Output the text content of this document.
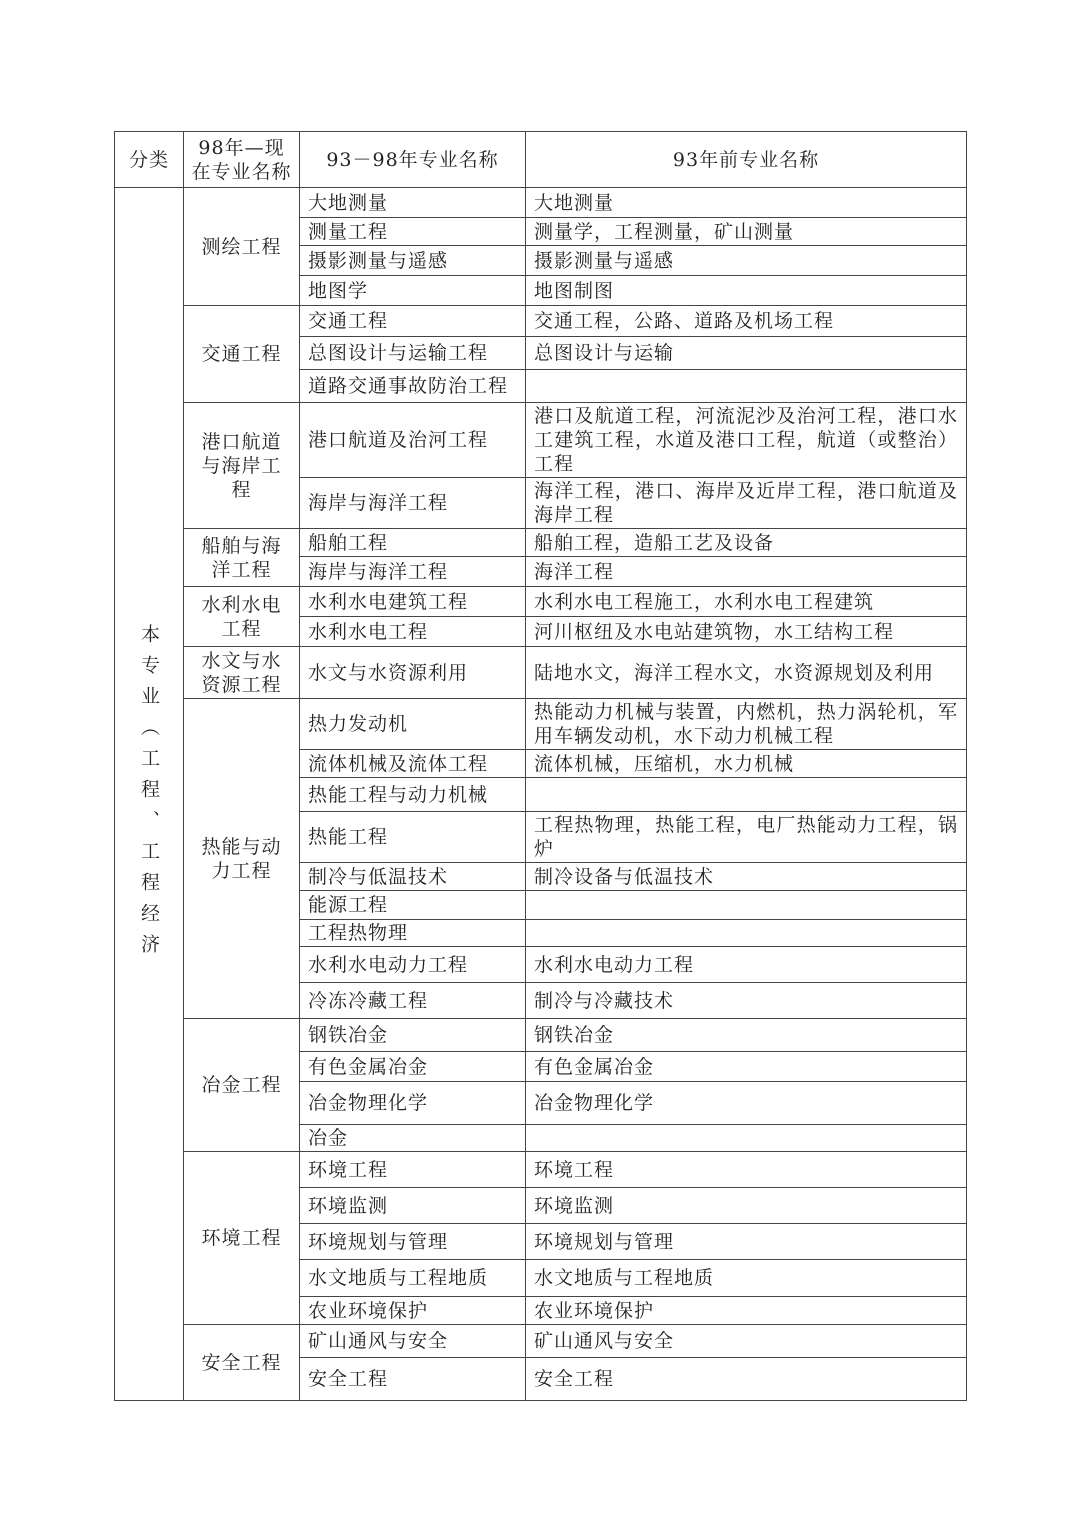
分类	98年—现在专业名称	93－98年专业名称	93年前专业名称

本专业（工程、工程经济	测绘工程	大地测量	大地测量
		测量工程	测量学，工程测量，矿山测量
		摄影测量与遥感	摄影测量与遥感
		地图学	地图制图
	交通工程	交通工程	交通工程，公路、道路及机场工程
		总图设计与运输工程	总图设计与运输
		道路交通事故防治工程	
	港口航道与海岸工程	港口航道及治河工程	港口及航道工程，河流泥沙及治河工程，港口水工建筑工程，水道及港口工程，航道（或整治）工程
		海岸与海洋工程	海洋工程，港口、海岸及近岸工程，港口航道及海岸工程
	船舶与海洋工程	船舶工程	船舶工程，造船工艺及设备
		海岸与海洋工程	海洋工程
	水利水电工程	水利水电建筑工程	水利水电工程施工，水利水电工程建筑
		水利水电工程	河川枢纽及水电站建筑物，水工结构工程
	水文与水资源工程	水文与水资源利用	陆地水文，海洋工程水文，水资源规划及利用
	热能与动力工程	热力发动机	热能动力机械与装置，内燃机，热力涡轮机，军用车辆发动机，水下动力机械工程
		流体机械及流体工程	流体机械，压缩机，水力机械
		热能工程与动力机械	
		热能工程	工程热物理，热能工程，电厂热能动力工程，锅炉
		制冷与低温技术	制冷设备与低温技术
		能源工程	
		工程热物理	
		水利水电动力工程	水利水电动力工程
		冷冻冷藏工程	制冷与冷藏技术
	冶金工程	钢铁冶金	钢铁冶金
		有色金属冶金	有色金属冶金
		冶金物理化学	冶金物理化学
		冶金	
	环境工程	环境工程	环境工程
		环境监测	环境监测
		环境规划与管理	环境规划与管理
		水文地质与工程地质	水文地质与工程地质
		农业环境保护	农业环境保护
	安全工程	矿山通风与安全	矿山通风与安全
		安全工程	安全工程
